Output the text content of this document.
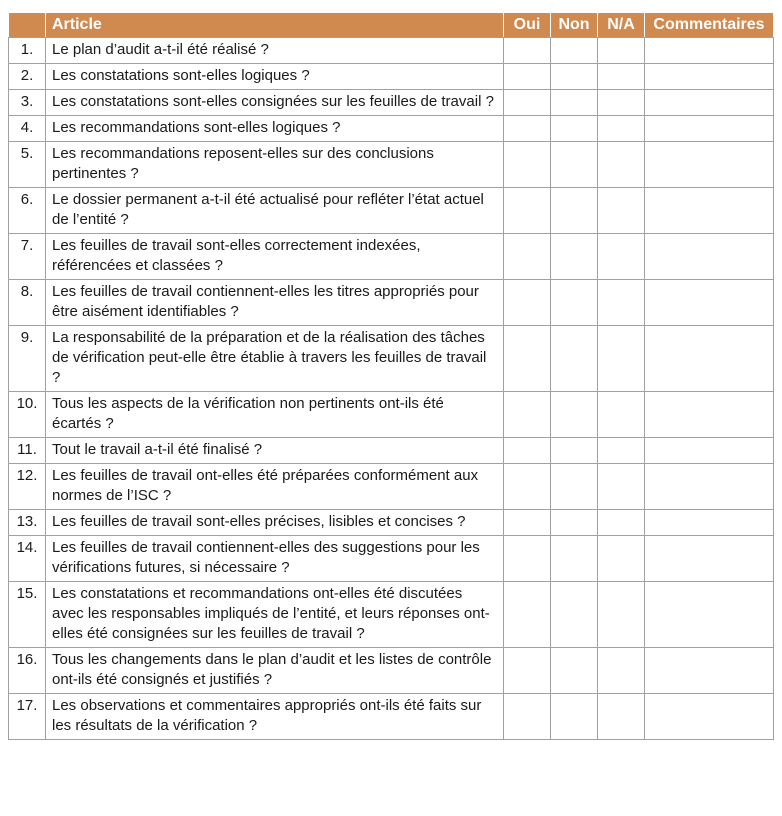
	Article	Oui	Non	N/A	Commentaires
1.	Le plan d’audit a-t-il été réalisé ?				
2.	Les constatations sont-elles logiques ?				
3.	Les constatations sont-elles consignées sur les feuilles de travail ?				
4.	Les recommandations sont-elles logiques ?				
5.	Les recommandations reposent-elles sur des conclusions pertinentes ?				
6.	Le dossier permanent a-t-il été actualisé pour refléter l’état actuel de l’entité ?				
7.	Les feuilles de travail sont-elles correctement indexées, référencées et classées ?				
8.	Les feuilles de travail contiennent-elles les titres appropriés pour être aisément identifiables ?				
9.	La responsabilité de la préparation et de la réalisation des tâches de vérification peut-elle être établie à travers les feuilles de travail ?				
10.	Tous les aspects de la vérification non pertinents ont-ils été écartés ?				
11.	Tout le travail a-t-il été finalisé ?				
12.	Les feuilles de travail ont-elles été préparées conformément aux normes de l’ISC ?				
13.	Les feuilles de travail sont-elles précises, lisibles et concises ?				
14.	Les feuilles de travail contiennent-elles des suggestions pour les vérifications futures, si nécessaire ?				
15.	Les constatations et recommandations ont-elles été discutées avec les responsables impliqués de l’entité, et leurs réponses ont-elles été consignées sur les feuilles de travail ?				
16.	Tous les changements dans le plan d’audit et les listes de contrôle ont-ils été consignés et justifiés ?				
17.	Les observations et commentaires appropriés ont-ils été faits sur les résultats de la vérification ?				
